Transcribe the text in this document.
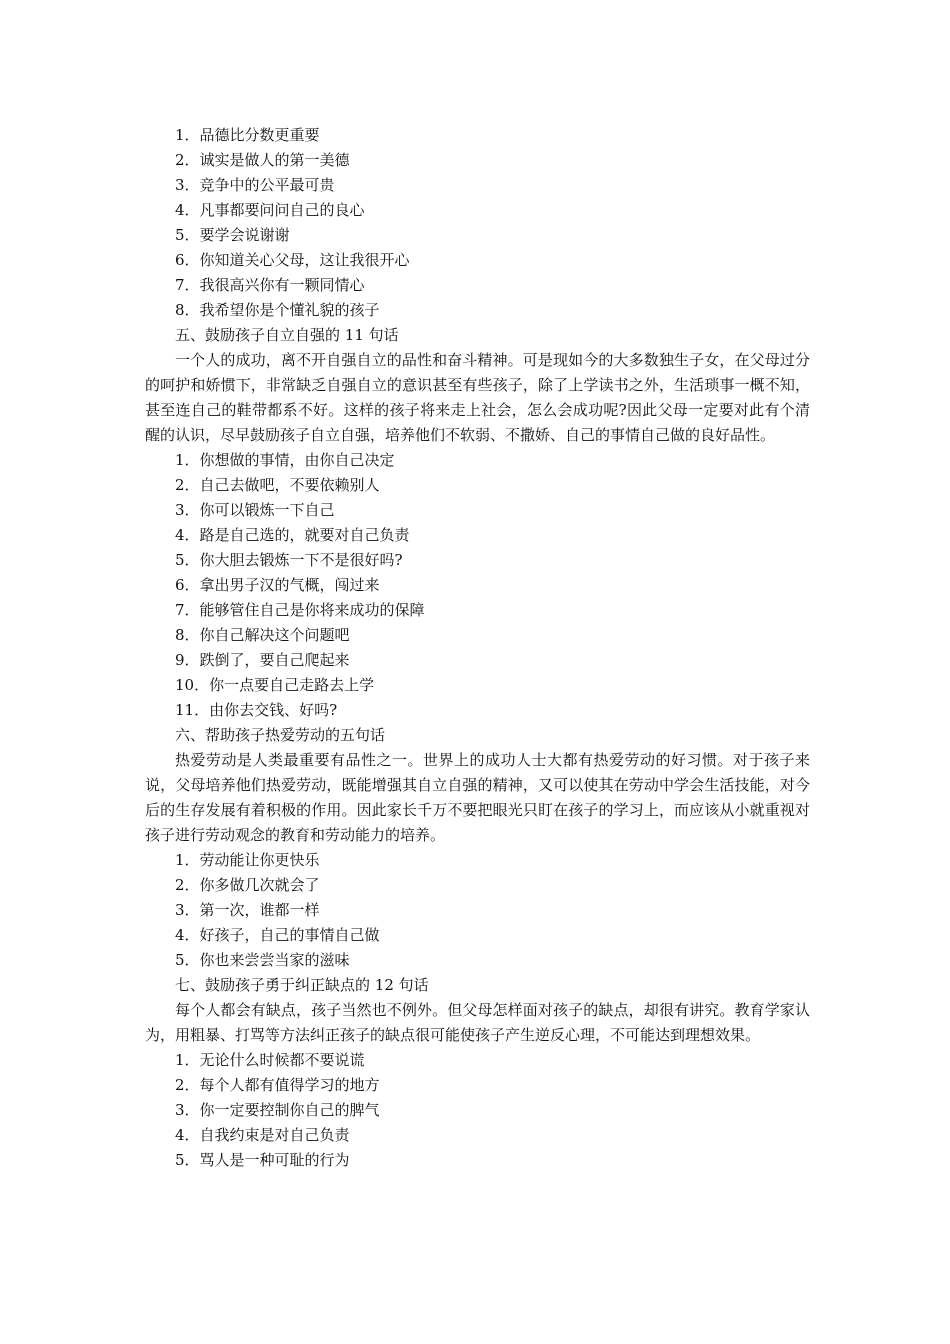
1．品德比分数更重要

2．诚实是做人的第一美德

3．竞争中的公平最可贵

4．凡事都要问问自己的良心

5．要学会说谢谢

6．你知道关心父母，这让我很开心

7．我很高兴你有一颗同情心

8．我希望你是个懂礼貌的孩子

五、鼓励孩子自立自强的 11 句话

一个人的成功，离不开自强自立的品性和奋斗精神。可是现如今的大多数独生子女，在父母过分的呵护和娇惯下，非常缺乏自强自立的意识甚至有些孩子，除了上学读书之外，生活琐事一概不知，甚至连自己的鞋带都系不好。这样的孩子将来走上社会，怎么会成功呢?因此父母一定要对此有个清醒的认识，尽早鼓励孩子自立自强，培养他们不软弱、不撒娇、自己的事情自己做的良好品性。

1．你想做的事情，由你自己决定

2．自己去做吧，不要依赖别人

3．你可以锻炼一下自己

4．路是自己选的，就要对自己负责

5．你大胆去锻炼一下不是很好吗?

6．拿出男子汉的气概，闯过来

7．能够管住自己是你将来成功的保障

8．你自己解决这个问题吧

9．跌倒了，要自己爬起来

10．你一点要自己走路去上学

11．由你去交钱、好吗?

六、帮助孩子热爱劳动的五句话

热爱劳动是人类最重要有品性之一。世界上的成功人士大都有热爱劳动的好习惯。对于孩子来说，父母培养他们热爱劳动，既能增强其自立自强的精神，又可以使其在劳动中学会生活技能，对今后的生存发展有着积极的作用。因此家长千万不要把眼光只盯在孩子的学习上，而应该从小就重视对孩子进行劳动观念的教育和劳动能力的培养。

1．劳动能让你更快乐

2．你多做几次就会了

3．第一次，谁都一样

4．好孩子，自己的事情自己做

5．你也来尝尝当家的滋味

七、鼓励孩子勇于纠正缺点的 12 句话

每个人都会有缺点，孩子当然也不例外。但父母怎样面对孩子的缺点，却很有讲究。教育学家认为，用粗暴、打骂等方法纠正孩子的缺点很可能使孩子产生逆反心理，不可能达到理想效果。

1．无论什么时候都不要说谎

2．每个人都有值得学习的地方

3．你一定要控制你自己的脾气

4．自我约束是对自己负责

5．骂人是一种可耻的行为
